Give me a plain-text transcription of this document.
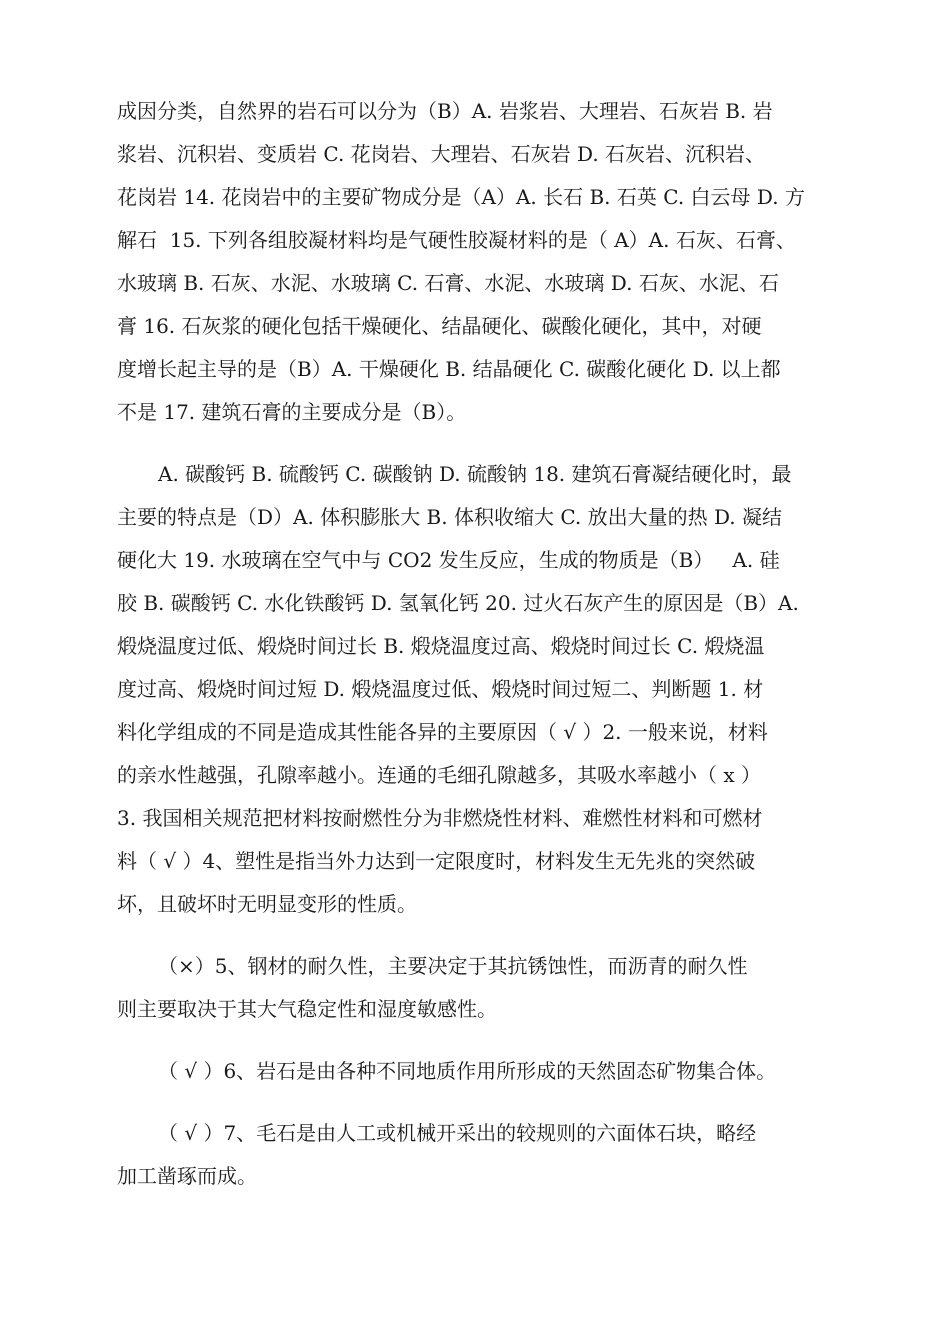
成因分类，自然界的岩石可以分为（B）A. 岩浆岩、大理岩、石灰岩 B. 岩

浆岩、沉积岩、变质岩 C. 花岗岩、大理岩、石灰岩 D. 石灰岩、沉积岩、

花岗岩 14. 花岗岩中的主要矿物成分是（A）A. 长石 B. 石英 C. 白云母 D. 方

解石  15. 下列各组胶凝材料均是气硬性胶凝材料的是（ A）A. 石灰、石膏、

水玻璃 B. 石灰、水泥、水玻璃 C. 石膏、水泥、水玻璃 D. 石灰、水泥、石

膏 16. 石灰浆的硬化包括干燥硬化、结晶硬化、碳酸化硬化，其中，对硬

度增长起主导的是（B）A. 干燥硬化 B. 结晶硬化 C. 碳酸化硬化 D. 以上都

不是 17. 建筑石膏的主要成分是（B）。

A. 碳酸钙 B. 硫酸钙 C. 碳酸钠 D. 硫酸钠 18. 建筑石膏凝结硬化时，最

主要的特点是（D）A. 体积膨胀大 B. 体积收缩大 C. 放出大量的热 D. 凝结

硬化大 19. 水玻璃在空气中与 CO2 发生反应，生成的物质是（B）   A. 硅

胶 B. 碳酸钙 C. 水化铁酸钙 D. 氢氧化钙 20. 过火石灰产生的原因是（B）A.

煅烧温度过低、煅烧时间过长 B. 煅烧温度过高、煅烧时间过长 C. 煅烧温

度过高、煅烧时间过短 D. 煅烧温度过低、煅烧时间过短二、判断题 1. 材

料化学组成的不同是造成其性能各异的主要原因（ √ ）2. 一般来说，材料

的亲水性越强，孔隙率越小。连通的毛细孔隙越多，其吸水率越小（ x ）

3. 我国相关规范把材料按耐燃性分为非燃烧性材料、难燃性材料和可燃材

料（ √ ）4、塑性是指当外力达到一定限度时，材料发生无先兆的突然破

坏，且破坏时无明显变形的性质。

（×）5、钢材的耐久性，主要决定于其抗锈蚀性，而沥青的耐久性

则主要取决于其大气稳定性和湿度敏感性。

（ √ ）6、岩石是由各种不同地质作用所形成的天然固态矿物集合体。

（ √ ）7、毛石是由人工或机械开采出的较规则的六面体石块，略经

加工凿琢而成。
